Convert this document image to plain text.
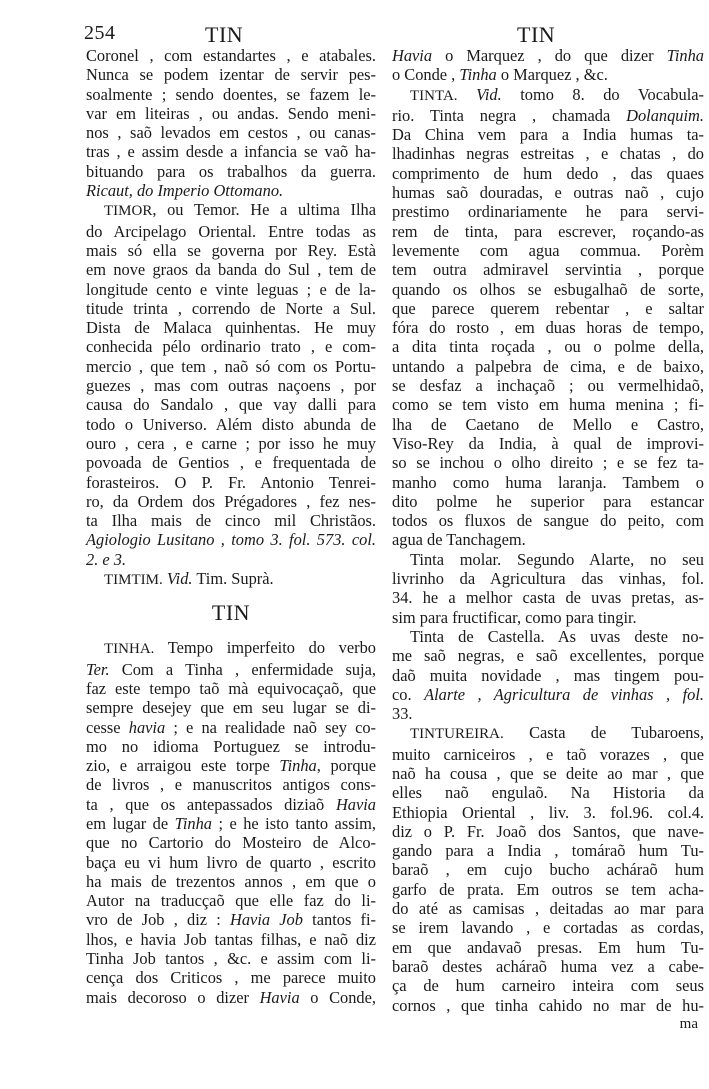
254	TIN	TIN
Coronel , com estandartes , e atabales.
Nunca se podem izentar de servir pes-
soalmente ; sendo doentes, se fazem le-
var em liteiras , ou andas. Sendo meni-
nos , saõ levados em cestos , ou canas-
tras , e assim desde a infancia se vaõ ha-
bituando para os trabalhos da guerra.
Ricaut, do Imperio Ottomano.
TIMOR, ou Temor. He a ultima Ilha
do Arcipelago Oriental. Entre todas as
mais só ella se governa por Rey. Està
em nove graos da banda do Sul , tem de
longitude cento e vinte leguas ; e de la-
titude trinta , correndo de Norte a Sul.
Dista de Malaca quinhentas. He muy
conhecida pélo ordinario trato , e com-
mercio , que tem , naõ só com os Portu-
guezes , mas com outras naçoens , por
causa do Sandalo , que vay dalli para
todo o Universo. Além disto abunda de
ouro , cera , e carne ; por isso he muy
povoada de Gentios , e frequentada de
forasteiros. O P. Fr. Antonio Tenrei-
ro, da Ordem dos Prégadores , fez nes-
ta Ilha mais de cinco mil Christãos.
Agiologio Lusitano , tomo 3. fol. 573. col.
2. e 3.
TIMTIM. Vid. Tim. Suprà.
TIN
TINHA. Tempo imperfeito do verbo
Ter. Com a Tinha , enfermidade suja,
faz este tempo taõ mà equivocaçaõ, que
sempre desejey que em seu lugar se di-
cesse havia ; e na realidade naõ sey co-
mo no idioma Portuguez se introdu-
zio, e arraigou este torpe Tinha, porque
de livros , e manuscritos antigos cons-
ta , que os antepassados diziaõ Havia
em lugar de Tinha ; e he isto tanto assim,
que no Cartorio do Mosteiro de Alco-
baça eu vi hum livro de quarto , escrito
ha mais de trezentos annos , em que o
Autor na traducçaõ que elle faz do li-
vro de Job , diz : Havia Job tantos fi-
lhos, e havia Job tantas filhas, e naõ diz
Tinha Job tantos , &c. e assim com li-
cença dos Criticos , me parece muito
mais decoroso o dizer Havia o Conde,
Havia o Marquez , do que dizer Tinha
o Conde , Tinha o Marquez , &c.
TINTA. Vid. tomo 8. do Vocabula-
rio. Tinta negra , chamada Dolanquim.
Da China vem para a India humas ta-
lhadinhas negras estreitas , e chatas , do
comprimento de hum dedo , das quaes
humas saõ douradas, e outras naõ , cujo
prestimo ordinariamente he para servi-
rem de tinta, para escrever, roçando-as
levemente com agua commua. Porèm
tem outra admiravel servintia , porque
quando os olhos se esbugalhaõ de sorte,
que parece querem rebentar , e saltar
fóra do rosto , em duas horas de tempo,
a dita tinta roçada , ou o polme della,
untando a palpebra de cima, e de baixo,
se desfaz a inchaçaõ ; ou vermelhidaõ,
como se tem visto em huma menina ; fi-
lha de Caetano de Mello e Castro,
Viso-Rey da India, à qual de improvi-
so se inchou o olho direito ; e se fez ta-
manho como huma laranja. Tambem o
dito polme he superior para estancar
todos os fluxos de sangue do peito, com
agua de Tanchagem.
Tinta molar. Segundo Alarte, no seu
livrinho da Agricultura das vinhas, fol.
34. he a melhor casta de uvas pretas, as-
sim para fructificar, como para tingir.
Tinta de Castella. As uvas deste no-
me saõ negras, e saõ excellentes, porque
daõ muita novidade , mas tingem pou-
co. Alarte , Agricultura de vinhas , fol.
33.
TINTUREIRA. Casta de Tubaroens,
muito carniceiros , e taõ vorazes , que
naõ ha cousa , que se deite ao mar , que
elles naõ engulaõ. Na Historia da
Ethiopia Oriental , liv. 3. fol.96. col.4.
diz o P. Fr. Joaõ dos Santos, que nave-
gando para a India , tomáraõ hum Tu-
baraõ , em cujo bucho acháraõ hum
garfo de prata. Em outros se tem acha-
do até as camisas , deitadas ao mar para
se irem lavando , e cortadas as cordas,
em que andavaõ presas. Em hum Tu-
baraõ destes acháraõ huma vez a cabe-
ça de hum carneiro inteira com seus
cornos , que tinha cahido no mar de hu-
ma
